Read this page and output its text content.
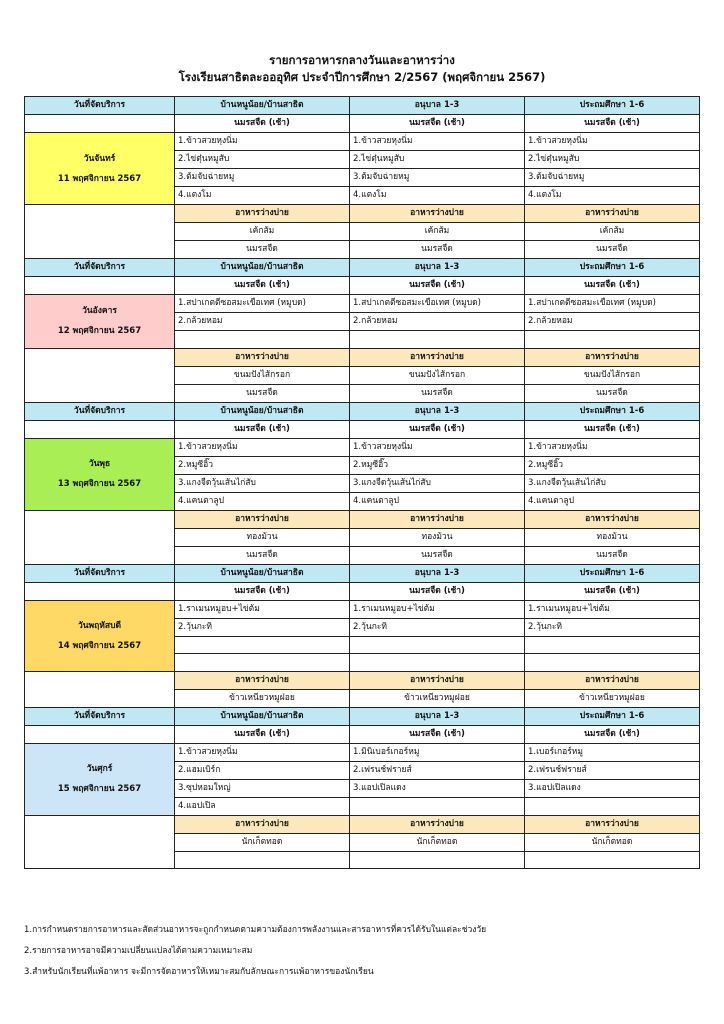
รายการอาหารกลางวันและอาหารว่าง
โรงเรียนสาธิตละอออุทิศ ประจำปีการศึกษา 2/2567 (พฤศจิกายน 2567)
วันที่จัดบริการ	บ้านหนูน้อย/บ้านสาธิต	อนุบาล 1-3	ประถมศึกษา 1-6
	นมรสจืด (เช้า)	นมรสจืด (เช้า)	นมรสจืด (เช้า)

วันจันทร์
11 พฤศจิกายน 2567	1.ข้าวสวยหุงนิ่ม	1.ข้าวสวยหุงนิ่ม	1.ข้าวสวยหุงนิ่ม
	2.ไข่ตุ๋นหมูสับ	2.ไข่ตุ๋นหมูสับ	2.ไข่ตุ๋นหมูสับ
	3.ต้มจับฉ่ายหมู	3.ต้มจับฉ่ายหมู	3.ต้มจับฉ่ายหมู
	4.แตงโม	4.แตงโม	4.แตงโม
	อาหารว่างบ่าย	อาหารว่างบ่าย	อาหารว่างบ่าย
	เค้กส้ม	เค้กส้ม	เค้กส้ม
	นมรสจืด	นมรสจืด	นมรสจืด
วันที่จัดบริการ	บ้านหนูน้อย/บ้านสาธิต	อนุบาล 1-3	ประถมศึกษา 1-6
	นมรสจืด (เช้า)	นมรสจืด (เช้า)	นมรสจืด (เช้า)

วันอังคาร
12 พฤศจิกายน 2567	1.สปาเกตตีซอสมะเขือเทศ (หมูบด)	1.สปาเกตตีซอสมะเขือเทศ (หมูบด)	1.สปาเกตตีซอสมะเขือเทศ (หมูบด)
	2.กล้วยหอม	2.กล้วยหอม	2.กล้วยหอม

	อาหารว่างบ่าย	อาหารว่างบ่าย	อาหารว่างบ่าย
	ขนมปังไส้กรอก	ขนมปังไส้กรอก	ขนมปังไส้กรอก
	นมรสจืด	นมรสจืด	นมรสจืด
วันที่จัดบริการ	บ้านหนูน้อย/บ้านสาธิต	อนุบาล 1-3	ประถมศึกษา 1-6
	นมรสจืด (เช้า)	นมรสจืด (เช้า)	นมรสจืด (เช้า)

วันพุธ
13 พฤศจิกายน 2567	1.ข้าวสวยหุงนิ่ม	1.ข้าวสวยหุงนิ่ม	1.ข้าวสวยหุงนิ่ม
	2.หมูซีอิ๊ว	2.หมูซีอิ๊ว	2.หมูซีอิ๊ว
	3.แกงจืดวุ้นเส้นไก่สับ	3.แกงจืดวุ้นเส้นไก่สับ	3.แกงจืดวุ้นเส้นไก่สับ
	4.แคนตาลูป	4.แคนตาลูป	4.แคนตาลูป
	อาหารว่างบ่าย	อาหารว่างบ่าย	อาหารว่างบ่าย
	ทองม้วน	ทองม้วน	ทองม้วน
	นมรสจืด	นมรสจืด	นมรสจืด
วันที่จัดบริการ	บ้านหนูน้อย/บ้านสาธิต	อนุบาล 1-3	ประถมศึกษา 1-6
	นมรสจืด (เช้า)	นมรสจืด (เช้า)	นมรสจืด (เช้า)

วันพฤหัสบดี
14 พฤศจิกายน 2567	1.ราเมนหมูอบ+ไข่ต้ม	1.ราเมนหมูอบ+ไข่ต้ม	1.ราเมนหมูอบ+ไข่ต้ม
	2.วุ้นกะทิ	2.วุ้นกะทิ	2.วุ้นกะทิ

	อาหารว่างบ่าย	อาหารว่างบ่าย	อาหารว่างบ่าย
	ข้าวเหนียวหมูฝอย	ข้าวเหนียวหมูฝอย	ข้าวเหนียวหมูฝอย
วันที่จัดบริการ	บ้านหนูน้อย/บ้านสาธิต	อนุบาล 1-3	ประถมศึกษา 1-6
	นมรสจืด (เช้า)	นมรสจืด (เช้า)	นมรสจืด (เช้า)

วันศุกร์
15 พฤศจิกายน 2567	1.ข้าวสวยหุงนิ่ม	1.มินิเบอร์เกอร์หมู	1.เบอร์เกอร์หมู
	2.แฮมเบิร์ก	2.เฟรนช์ฟรายส์	2.เฟรนช์ฟรายส์
	3.ซุปหอมใหญ่	3.แอปเปิลแดง	3.แอปเปิลแดง
	4.แอปเปิล		
	อาหารว่างบ่าย	อาหารว่างบ่าย	อาหารว่างบ่าย
	นักเก็ตทอด	นักเก็ตทอด	นักเก็ตทอด

1.การกำหนดรายการอาหารและสัดส่วนอาหารจะถูกกำหนดตามความต้องการพลังงานและสารอาหารที่ควรได้รับในแต่ละช่วงวัย
2.รายการอาหารอาจมีความเปลี่ยนแปลงได้ตามความเหมาะสม
3.สำหรับนักเรียนที่แพ้อาหาร จะมีการจัดอาหารให้เหมาะสมกับลักษณะการแพ้อาหารของนักเรียน
